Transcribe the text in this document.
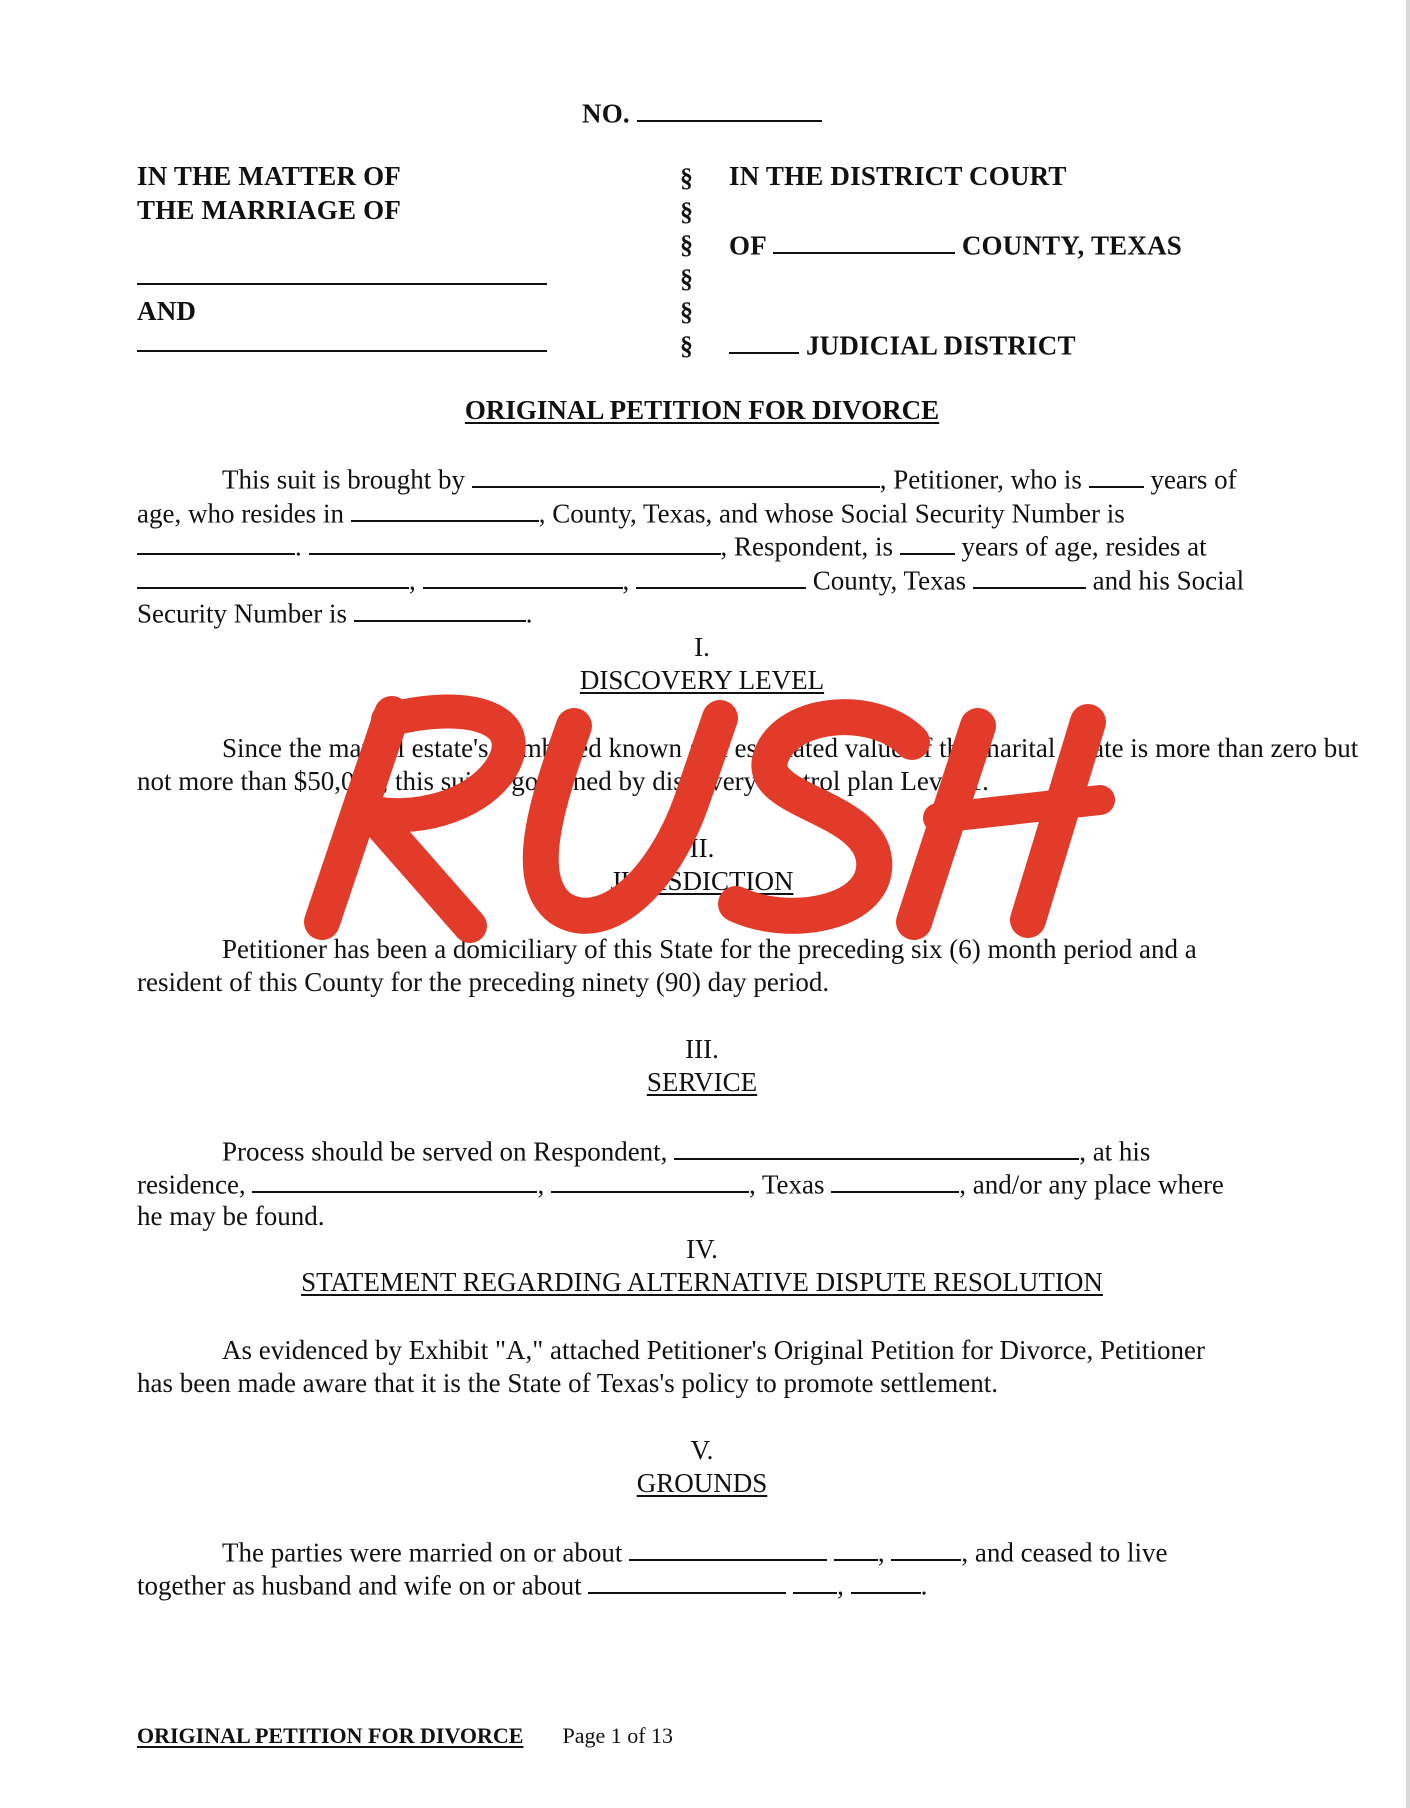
NO.
IN THE MATTER OF
THE MARRIAGE OF
AND
§
§
§
§
§
§
IN THE DISTRICT COURT
OF	COUNTY, TEXAS
JUDICIAL DISTRICT
ORIGINAL PETITION FOR DIVORCE
This suit is brought by	, Petitioner, who is	years of
age, who resides in	, County, Texas, and whose Social Security Number is
.	, Respondent, is	years of age, resides at
,	,	County, Texas	and his Social
Security Number is	.
I.
DISCOVERY LEVEL
Since the marital estate's combined known and estimated value of the marital estate is more than zero but
not more than $50,000, this suit is governed by discovery control plan Level 1.
II.
JURISDICTION
Petitioner has been a domiciliary of this State for the preceding six (6) month period and a
resident of this County for the preceding ninety (90) day period.
III.
SERVICE
Process should be served on Respondent,	, at his
residence,	,	, Texas	, and/or any place where
he may be found.
IV.
STATEMENT REGARDING ALTERNATIVE DISPUTE RESOLUTION
As evidenced by Exhibit "A," attached Petitioner's Original Petition for Divorce, Petitioner
has been made aware that it is the State of Texas's policy to promote settlement.
V.
GROUNDS
The parties were married on or about	,	, and ceased to live
together as husband and wife on or about	,	.
ORIGINAL PETITION FOR DIVORCE Page 1 of 13
